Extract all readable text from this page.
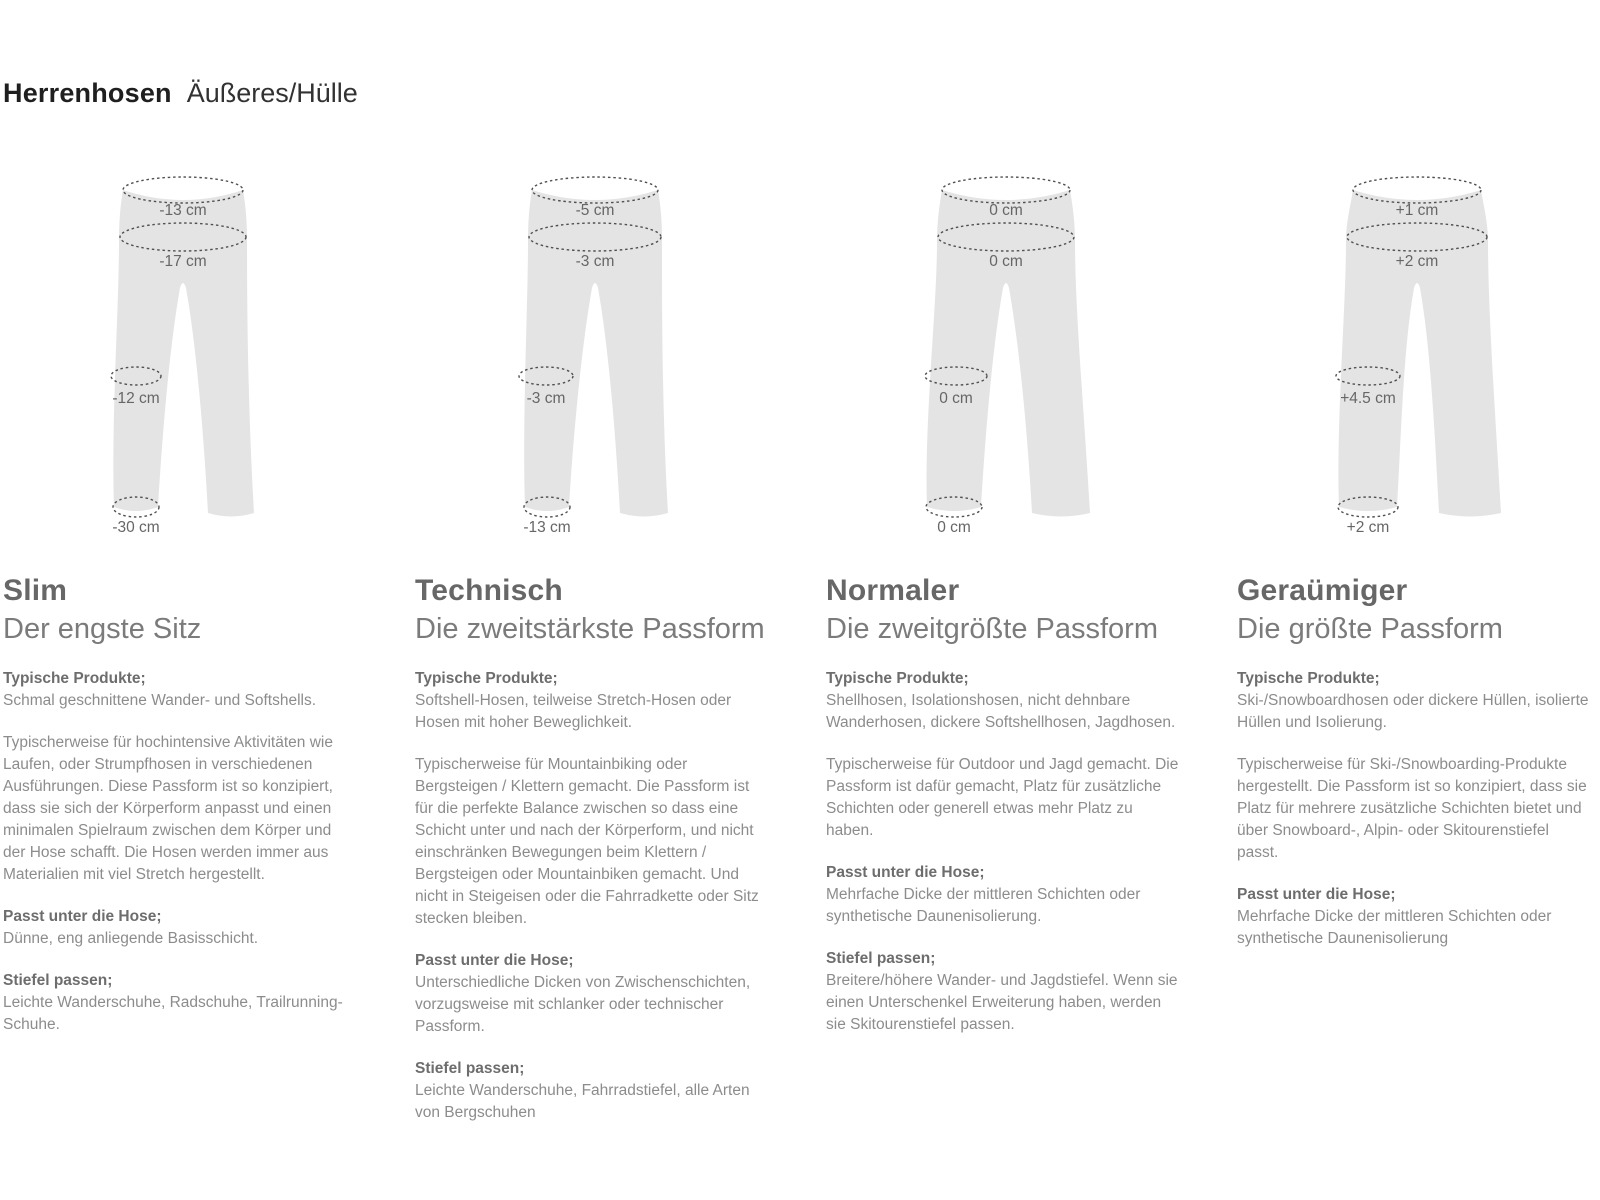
Herrenhosen Äußeres/Hülle
-13 cm
-17 cm
-12 cm
-30 cm
Slim
Der engste Sitz
Typische Produkte;
Schmal geschnittene Wander- und Softshells.
Typischerweise für hochintensive Aktivitäten wie Laufen, oder Strumpfhosen in verschiedenen Ausführungen. Diese Passform ist so konzipiert, dass sie sich der Körperform anpasst und einen minimalen Spielraum zwischen dem Körper und der Hose schafft. Die Hosen werden immer aus Materialien mit viel Stretch hergestellt.
Passt unter die Hose;
Dünne, eng anliegende Basisschicht.
Stiefel passen;
Leichte Wanderschuhe, Radschuhe, Trailrunning-Schuhe.
-5 cm
-3 cm
-3 cm
-13 cm
Technisch
Die zweitstärkste Passform
Typische Produkte;
Softshell-Hosen, teilweise Stretch-Hosen oder Hosen mit hoher Beweglichkeit.
Typischerweise für Mountainbiking oder Bergsteigen / Klettern gemacht. Die Passform ist für die perfekte Balance zwischen so dass eine Schicht unter und nach der Körperform, und nicht einschränken Bewegungen beim Klettern / Bergsteigen oder Mountainbiken gemacht. Und nicht in Steigeisen oder die Fahrradkette oder Sitz stecken bleiben.
Passt unter die Hose;
Unterschiedliche Dicken von Zwischenschichten, vorzugsweise mit schlanker oder technischer Passform.
Stiefel passen;
Leichte Wanderschuhe, Fahrradstiefel, alle Arten von Bergschuhen
0 cm
0 cm
0 cm
0 cm
Normaler
Die zweitgrößte Passform
Typische Produkte;
Shellhosen, Isolationshosen, nicht dehnbare Wanderhosen, dickere Softshellhosen, Jagdhosen.
Typischerweise für Outdoor und Jagd gemacht. Die Passform ist dafür gemacht, Platz für zusätzliche Schichten oder generell etwas mehr Platz zu haben.
Passt unter die Hose;
Mehrfache Dicke der mittleren Schichten oder synthetische Daunenisolierung.
Stiefel passen;
Breitere/höhere Wander- und Jagdstiefel. Wenn sie einen Unterschenkel Erweiterung haben, werden sie Skitourenstiefel passen.
+1 cm
+2 cm
+4.5 cm
+2 cm
Geraümiger
Die größte Passform
Typische Produkte;
Ski-/Snowboardhosen oder dickere Hüllen, isolierte Hüllen und Isolierung.
Typischerweise für Ski-/Snowboarding-Produkte hergestellt. Die Passform ist so konzipiert, dass sie Platz für mehrere zusätzliche Schichten bietet und über Snowboard-, Alpin- oder Skitourenstiefel passt.
Passt unter die Hose;
Mehrfache Dicke der mittleren Schichten oder synthetische Daunenisolierung
